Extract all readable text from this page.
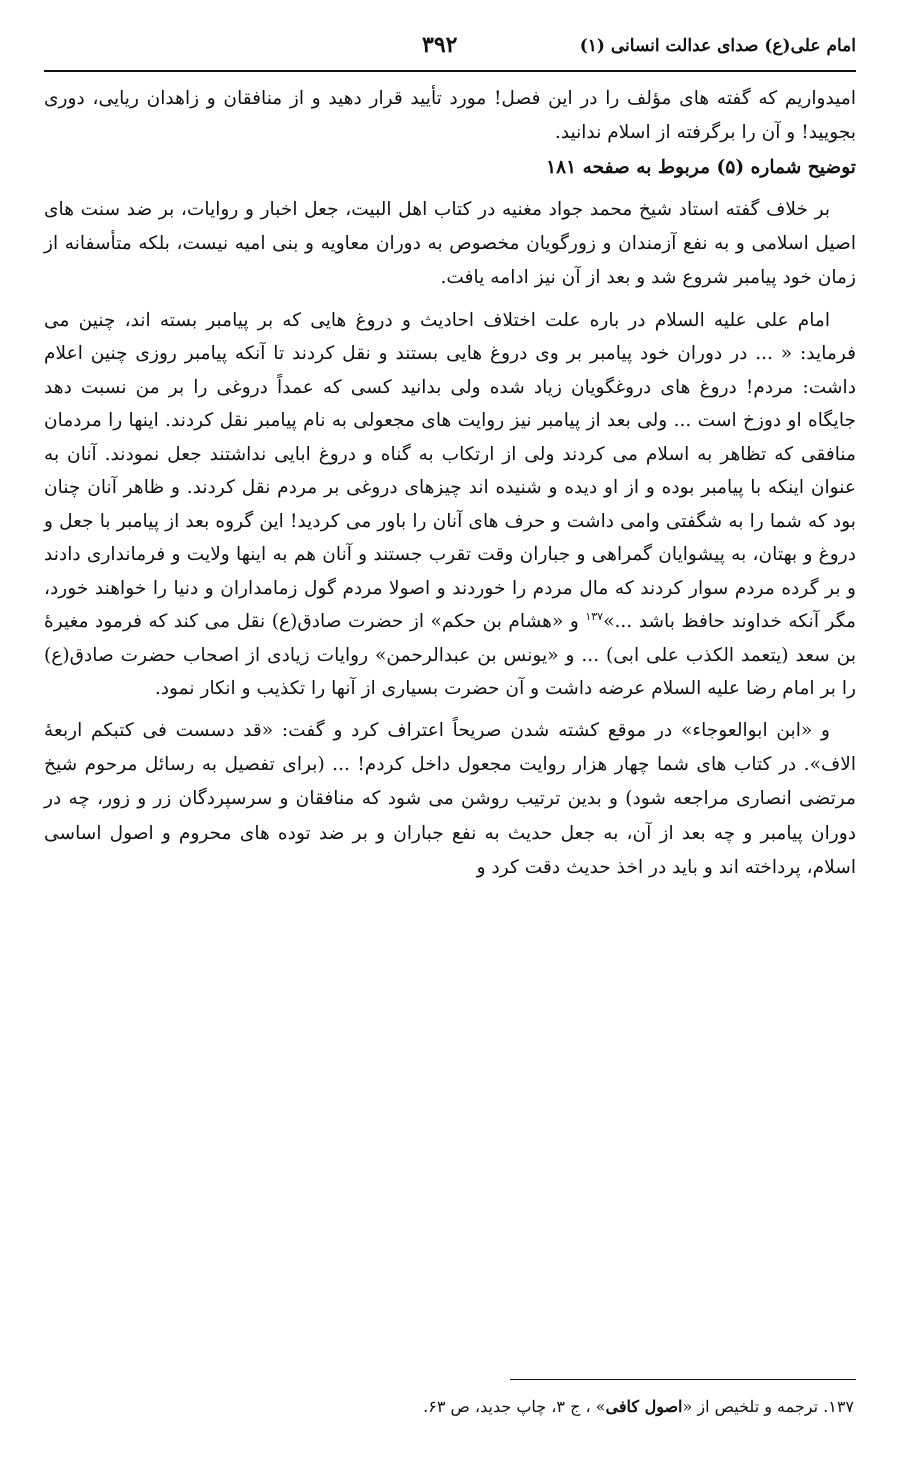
امام علی(ع) صدای عدالت انسانی (۱)
۳۹۲

امیدواریم که گفته های مؤلف را در این فصل! مورد تأیید قرار دهید و از منافقان و زاهدان ریایی، دوری بجویید! و آن را برگرفته از اسلام ندانید.

توضیح شماره (۵) مربوط به صفحه ۱۸۱

بر خلاف گفته استاد شیخ محمد جواد مغنیه در کتاب اهل البیت، جعل اخبار و روایات، بر ضد سنت های اصیل اسلامی و به نفع آزمندان و زورگویان مخصوص به دوران معاویه و بنی امیه نیست، بلکه متأسفانه از زمان خود پیامبر شروع شد و بعد از آن نیز ادامه یافت.

امام علی علیه السلام در باره علت اختلاف احادیث و دروغ هایی که بر پیامبر بسته اند، چنین می فرماید: « ... در دوران خود پیامبر بر وی دروغ هایی بستند و نقل کردند تا آنکه پیامبر روزی چنین اعلام داشت: مردم! دروغ های دروغگویان زیاد شده ولی بدانید کسی که عمداً دروغی را بر من نسبت دهد جایگاه او دوزخ است ... ولی بعد از پیامبر نیز روایت های مجعولی به نام پیامبر نقل کردند. اینها را مردمان منافقی که تظاهر به اسلام می کردند ولی از ارتکاب به گناه و دروغ ابایی نداشتند جعل نمودند. آنان به عنوان اینکه با پیامبر بوده و از او دیده و شنیده اند چیزهای دروغی بر مردم نقل کردند. و ظاهر آنان چنان بود که شما را به شگفتی وامی داشت و حرف های آنان را باور می کردید! این گروه بعد از پیامبر با جعل و دروغ و بهتان، به پیشوایان گمراهی و جباران وقت تقرب جستند و آنان هم به اینها ولایت و فرمانداری دادند و بر گرده مردم سوار کردند که مال مردم را خوردند و اصولا مردم گول زمامداران و دنیا را خواهند خورد، مگر آنکه خداوند حافظ باشد ...»$^{۱۳۷}$ و «هشام بن حکم» از حضرت صادق(ع) نقل می کند که فرمود مغیرهٔ بن سعد (یتعمد الکذب علی ابی) ... و «یونس بن عبدالرحمن» روایات زیادی از اصحاب حضرت صادق(ع) را بر امام رضا علیه السلام عرضه داشت و آن حضرت بسیاری از آنها را تکذیب و انکار نمود.

و «ابن ابوالعوجاء» در موقع کشته شدن صریحاً اعتراف کرد و گفت: «قد دسست فی کتبکم اربعهٔ الاف». در کتاب های شما چهار هزار روایت مجعول داخل کردم! ... (برای تفصیل به رسائل مرحوم شیخ مرتضی انصاری مراجعه شود) و بدین ترتیب روشن می شود که منافقان و سرسپردگان زر و زور، چه در دوران پیامبر و چه بعد از آن، به جعل حدیث به نفع جباران و بر ضد توده های محروم و اصول اساسی اسلام، پرداخته اند و باید در اخذ حدیث دقت کرد و

۱۳۷. ترجمه و تلخیص از «اصول کافی» ، ج ۳، چاپ جدید، ص ۶۳.
